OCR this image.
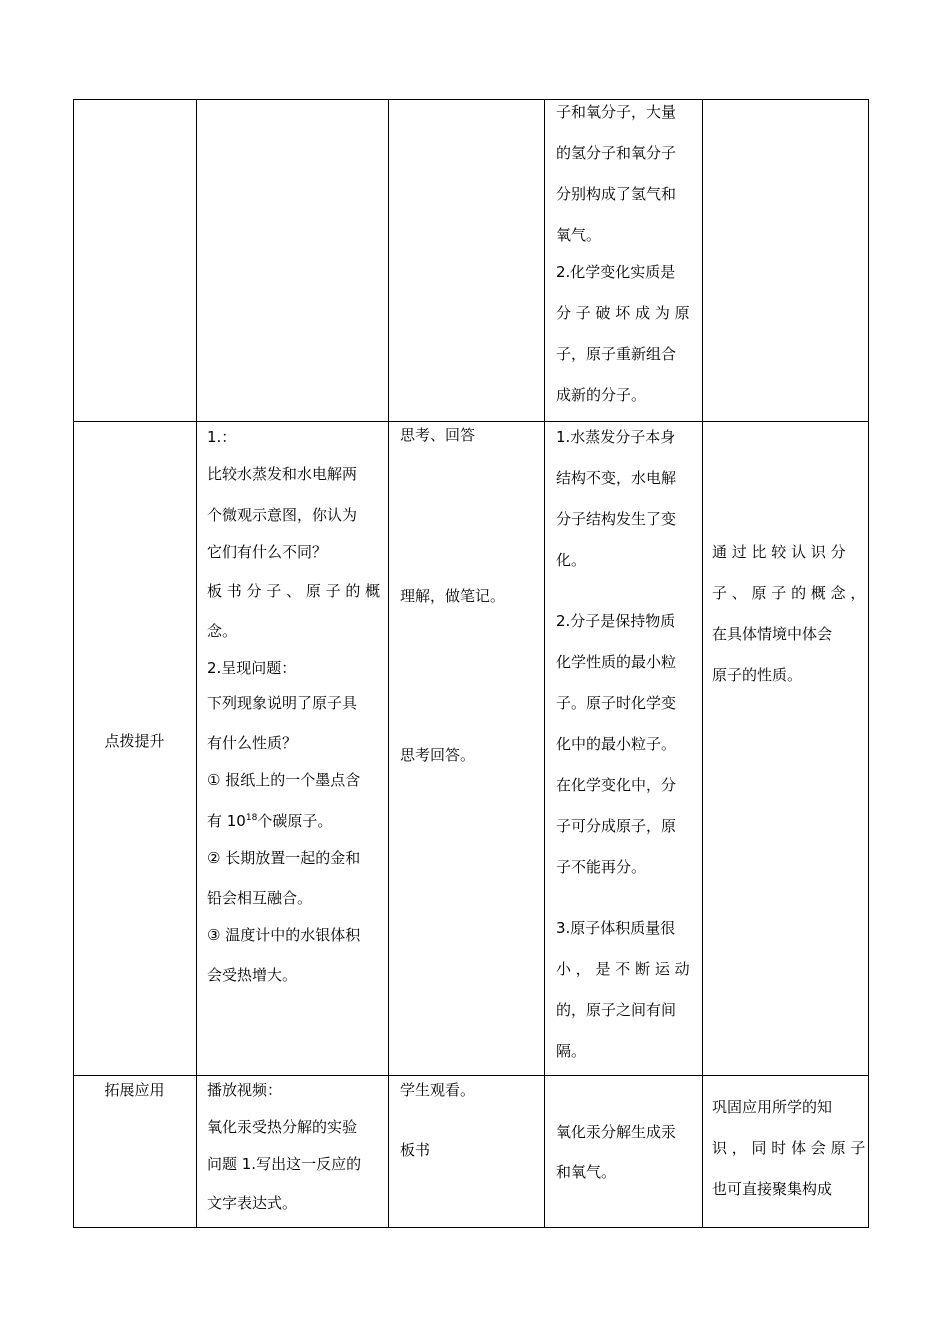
子和氧分子，大量
的氢分子和氧分子
分别构成了氢气和
氧气。
2.化学变化实质是
分 子 破 坏 成 为 原
子，原子重新组合
成新的分子。
点拨提升
1.：
比较水蒸发和水电解两
个微观示意图，你认为
它们有什么不同？
板 书 分 子 、 原 子 的 概
念。
2.呈现问题：
下列现象说明了原子具
有什么性质？
① 报纸上的一个墨点含
有 $10^{18}$个碳原子。
② 长期放置一起的金和
铅会相互融合。
③ 温度计中的水银体积
会受热增大。
思考、回答
理解，做笔记。
思考回答。
1.水蒸发分子本身
结构不变，水电解
分子结构发生了变
化。
2.分子是保持物质
化学性质的最小粒
子。原子时化学变
化中的最小粒子。
在化学变化中，分
子可分成原子，原
子不能再分。
3.原子体积质量很
小 ， 是 不 断 运 动
的，原子之间有间
隔。
通 过 比 较 认 识 分
子 、 原 子 的 概 念 ，
在具体情境中体会
原子的性质。
拓展应用	播放视频：
氧化汞受热分解的实验
问题 1.写出这一反应的
文字表达式。
学生观看。
板书
氧化汞分解生成汞
和氧气。
巩固应用所学的知
识 ， 同 时 体 会 原 子
也可直接聚集构成
